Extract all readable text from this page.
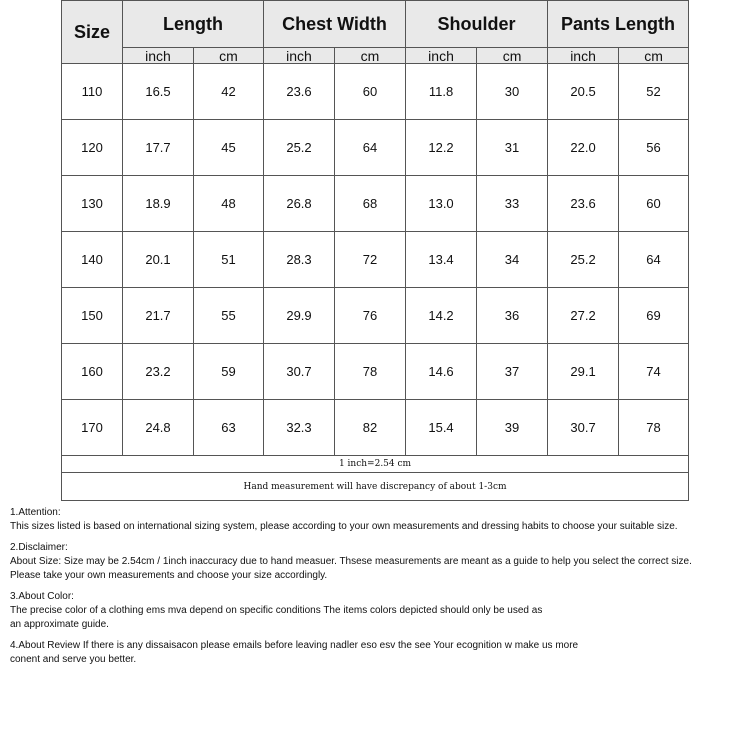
Size	Length		Chest Width		Shoulder		Pants Length	
	inch	cm	inch	cm	inch	cm	inch	cm
110	16.5	42	23.6	60	11.8	30	20.5	52
120	17.7	45	25.2	64	12.2	31	22.0	56
130	18.9	48	26.8	68	13.0	33	23.6	60
140	20.1	51	28.3	72	13.4	34	25.2	64
150	21.7	55	29.9	76	14.2	36	27.2	69
160	23.2	59	30.7	78	14.6	37	29.1	74
170	24.8	63	32.3	82	15.4	39	30.7	78
1 inch=2.54 cm								
Hand measurement will have discrepancy of about 1-3cm								

1.Attention:

This sizes listed is based on international sizing system, please according to your own measurements and dressing habits to choose your suitable size.

2.Disclaimer:

About Size: Size may be 2.54cm / 1inch inaccuracy due to hand measuer. Thsese measurements are meant as a guide to help you select the correct size.

Please take your own measurements and choose your size accordingly.

3.About Color:

The precise color of a clothing ems mva depend on specific conditions The items colors depicted should only be used as

an approximate guide.

4.About Review If there is any dissaisacon please emails before leaving nadler eso esv the see Your ecognition w make us more

conent and serve you better.
